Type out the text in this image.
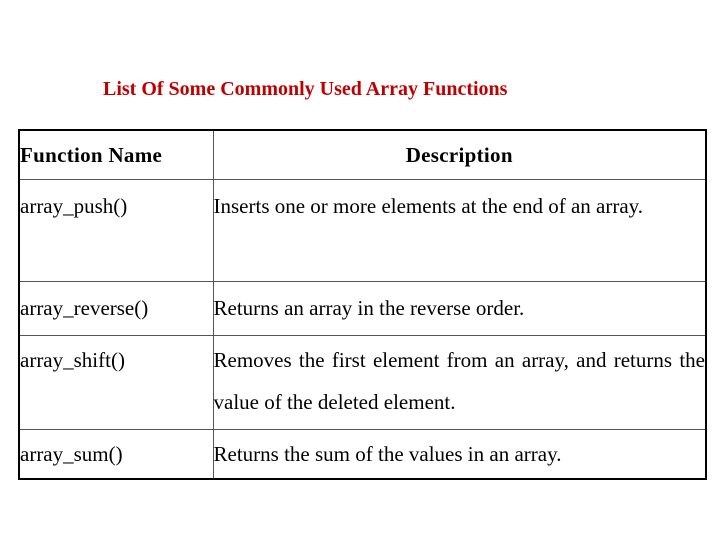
List Of Some Commonly Used Array Functions
Function Name	Description
array_push()	Inserts one or more elements at the end of an array.
array_reverse()	Returns an array in the reverse order.
array_shift()	Removes the first element from an array, and returns the value of the deleted element.
array_sum()	Returns the sum of the values in an array.
